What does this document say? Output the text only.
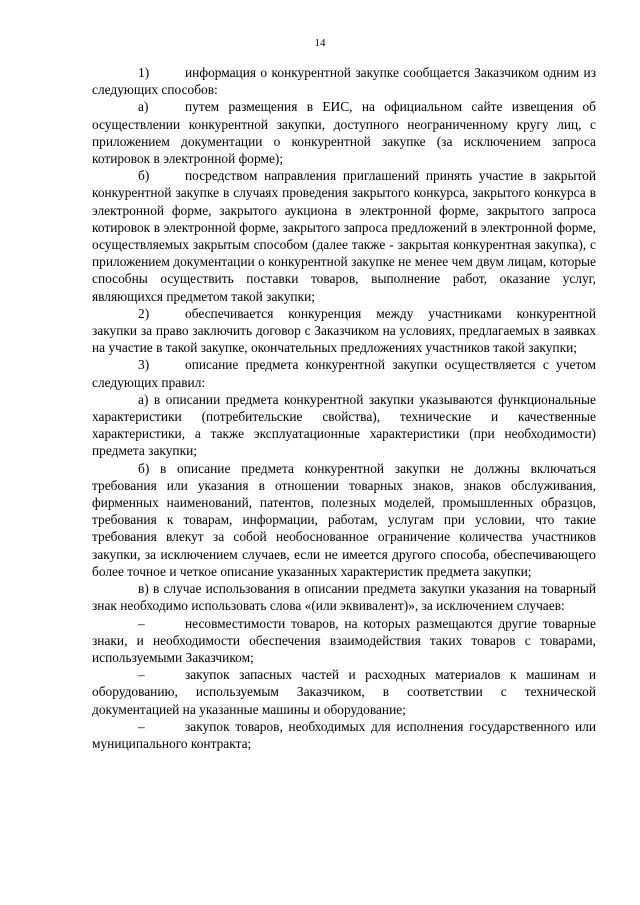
14

1)	информация о конкурентной закупке сообщается Заказчиком одним из следующих способов:

а)	путем размещения в ЕИС, на официальном сайте извещения об осуществлении конкурентной закупки, доступного неограниченному кругу лиц, с приложением документации о конкурентной закупке (за исключением запроса котировок в электронной форме);

б)	посредством направления приглашений принять участие в закрытой конкурентной закупке в случаях проведения закрытого конкурса, закрытого конкурса в электронной форме, закрытого аукциона в электронной форме, закрытого запроса котировок в электронной форме, закрытого запроса предложений в электронной форме, осуществляемых закрытым способом (далее также - закрытая конкурентная закупка), с приложением документации о конкурентной закупке не менее чем двум лицам, которые способны осуществить поставки товаров, выполнение работ, оказание услуг, являющихся предметом такой закупки;

2)	обеспечивается конкуренция между участниками конкурентной закупки за право заключить договор с Заказчиком на условиях, предлагаемых в заявках на участие в такой закупке, окончательных предложениях участников такой закупки;

3)	описание предмета конкурентной закупки осуществляется с учетом следующих правил:

а) в описании предмета конкурентной закупки указываются функциональные характеристики (потребительские свойства), технические и качественные характеристики, а также эксплуатационные характеристики (при необходимости) предмета закупки;

б) в описание предмета конкурентной закупки не должны включаться требования или указания в отношении товарных знаков, знаков обслуживания, фирменных наименований, патентов, полезных моделей, промышленных образцов, требования к товарам, информации, работам, услугам при условии, что такие требования влекут за собой необоснованное ограничение количества участников закупки, за исключением случаев, если не имеется другого способа, обеспечивающего более точное и четкое описание указанных характеристик предмета закупки;

в) в случае использования в описании предмета закупки указания на товарный знак необходимо использовать слова «(или эквивалент)», за исключением случаев:

–	несовместимости товаров, на которых размещаются другие товарные знаки, и необходимости обеспечения взаимодействия таких товаров с товарами, используемыми Заказчиком;

–	закупок запасных частей и расходных материалов к машинам и оборудованию, используемым Заказчиком, в соответствии с технической документацией на указанные машины и оборудование;

–	закупок товаров, необходимых для исполнения государственного или муниципального контракта;
